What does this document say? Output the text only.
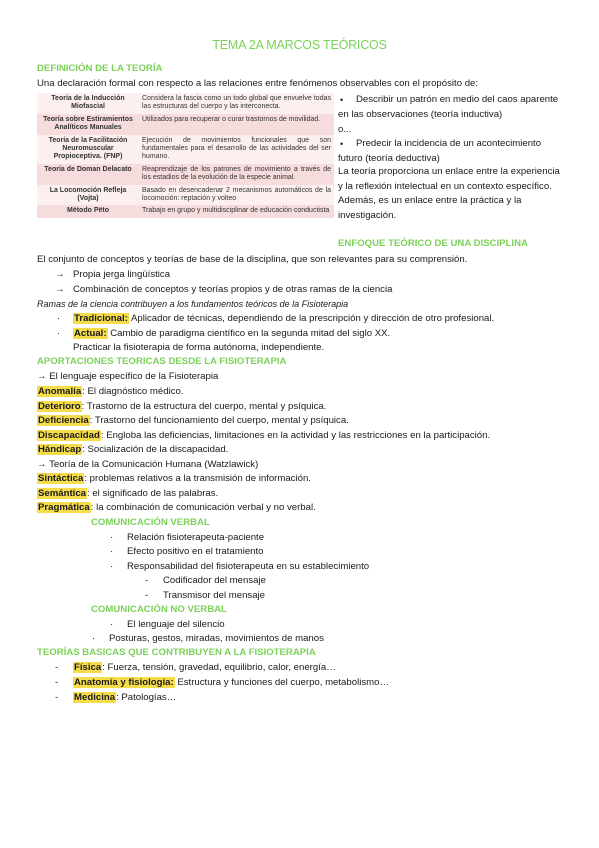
TEMA 2A MARCOS TEÓRICOS
DEFINICIÓN DE LA TEORÍA
Una declaración formal con respecto a las relaciones entre fenómenos observables con el propósito de:
Teoría de la Inducción Miofascial	Considera la fascia como un todo global que envuelve todas las estructuras del cuerpo y las interconecta.
Teoría sobre Estiramientos Analíticos Manuales	Utilizados para recuperar o curar trastornos de movilidad.
Teoría de la Facilitación Neuromuscular Propioceptiva. (FNP)	Ejecución de movimientos funcionales que son fundamentales para el desarrollo de las actividades del ser humano.
Teoría de Doman Delacato	Reaprendizaje de los patrones de movimiento a través de los estadios de la evolución de la especie animal.
La Locomoción Refleja (Vojta)	Basado en desencadenar 2 mecanismos automáticos de la locomoción: reptación y volteo
Método Pëto	Trabajo en grupo y multidisciplinar de educación conductista
•	Describir un patrón en medio del caos aparente en las observaciones (teoría inductiva)
o...
•	Predecir la incidencia de un acontecimiento futuro (teoría deductiva)
La teoría proporciona un enlace entre la experiencia y la reflexión intelectual en un contexto específico. Además, es un enlace entre la práctica y la investigación.
ENFOQUE TEÓRICO DE UNA DISCIPLINA
El conjunto de conceptos y teorías de base de la disciplina, que son relevantes para su comprensión.
→ Propia jerga lingüística
→ Combinación de conceptos y teorías propios y de otras ramas de la ciencia
Ramas de la ciencia contribuyen a los fundamentos teóricos de la Fisioterapia
· Tradicional: Aplicador de técnicas, dependiendo de la prescripción y dirección de otro profesional.
· Actual: Cambio de paradigma científico en la segunda mitad del siglo XX.
Practicar la fisioterapia de forma autónoma, independiente.
APORTACIONES TEORICAS DESDE LA FISIOTERAPIA
→ El lenguaje específico de la Fisioterapia
Anomalía: El diagnóstico médico.
Deterioro: Trastorno de la estructura del cuerpo, mental y psíquica.
Deficiencia: Trastorno del funcionamiento del cuerpo, mental y psíquica.
Discapacidad: Engloba las deficiencias, limitaciones en la actividad y las restricciones en la participación.
Hándicap: Socialización de la discapacidad.
→ Teoría de la Comunicación Humana (Watzlawick)
Sintáctica: problemas relativos a la transmisión de información.
Semántica: el significado de las palabras.
Pragmática: la combinación de comunicación verbal y no verbal.
COMUNICACIÓN VERBAL
· Relación fisioterapeuta-paciente
· Efecto positivo en el tratamiento
· Responsabilidad del fisioterapeuta en su establecimiento
- Codificador del mensaje
- Transmisor del mensaje
COMUNICACIÓN NO VERBAL
· El lenguaje del silencio
· Posturas, gestos, miradas, movimientos de manos
TEORÍAS BASICAS QUE CONTRIBUYEN A LA FISIOTERAPIA
- Física: Fuerza, tensión, gravedad, equilibrio, calor, energía…
- Anatomía y fisiología: Estructura y funciones del cuerpo, metabolismo…
- Medicina: Patologías…
